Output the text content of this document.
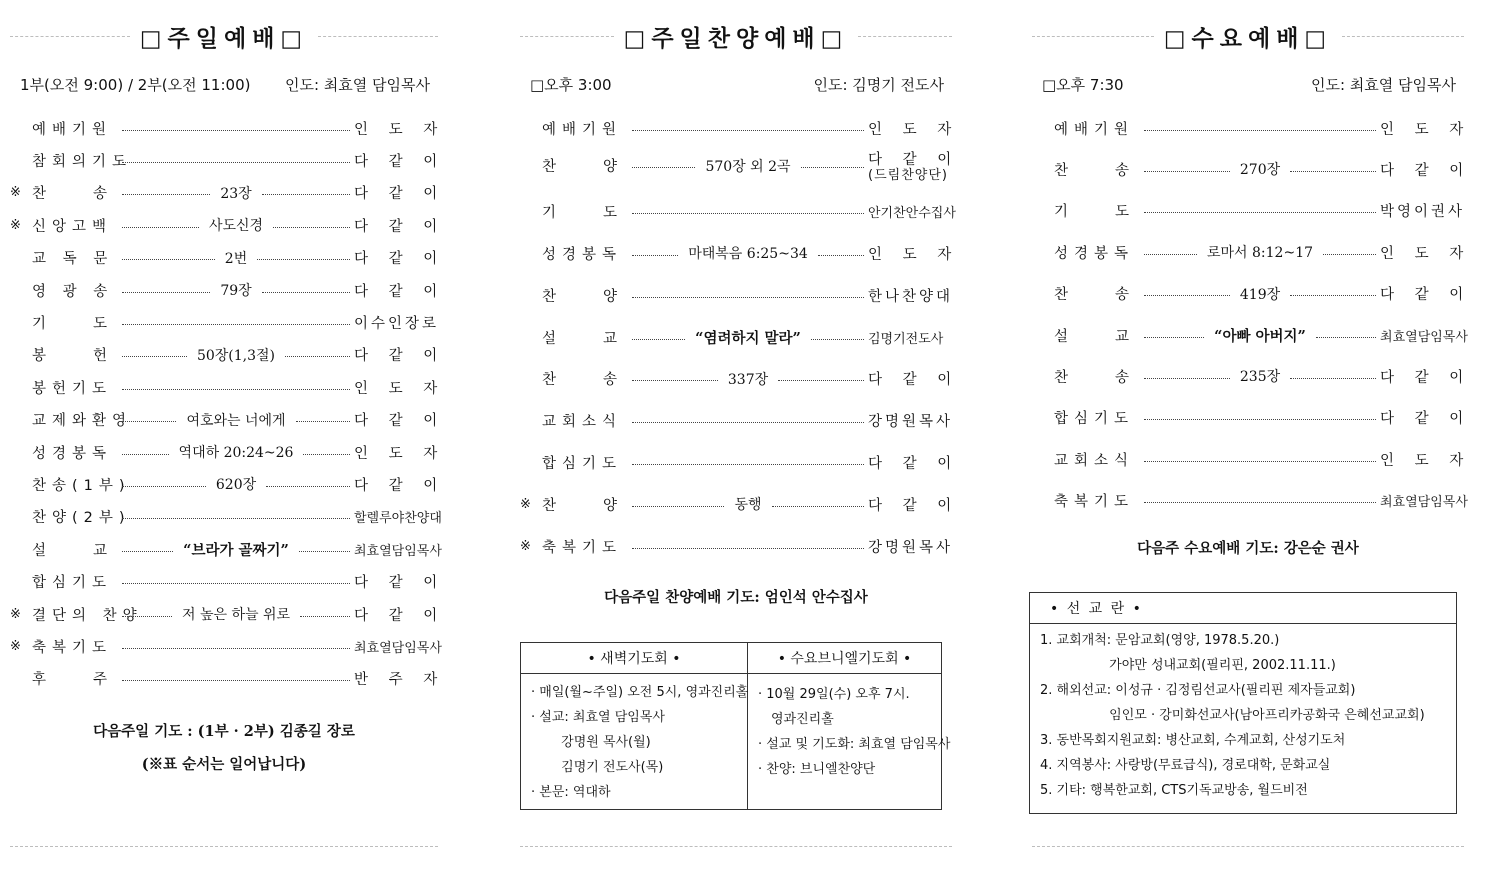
□주일예배□
1부(오전 9:00) / 2부(오전 11:00) 인도: 최효열 담임목사
예배기원	인 도 자
참회의기도	다 같 이
※ 찬　　송	23장	다 같 이
※ 신앙고백	사도신경	다 같 이
교 독 문	2번	다 같 이
영 광 송	79장	다 같 이
기　　도	이수인장로
봉　　헌	50장(1,3절)	다 같 이
봉헌기도	인 도 자
교제와환영	여호와는 너에게	다 같 이
성경봉독	역대하 20:24~26	인 도 자
찬송(1부)	620장	다 같 이
찬양(2부)	할렐루야찬양대
설　　교	“브라가 골짜기”	최효열담임목사
합심기도	다 같 이
※ 결단의 찬양	저 높은 하늘 위로	다 같 이
※ 축복기도	최효열담임목사
후　　주	반 주 자
다음주일 기도 : (1부 · 2부) 김종길 장로
(※표 순서는 일어납니다)
□주일찬양예배□
□오후 3:00	인도: 김명기 전도사
예배기원	인 도 자
찬　　양	570장 외 2곡	다 같 이
(드림찬양단)
기　　도	안기찬안수집사
성경봉독	마태복음 6:25~34	인 도 자
찬　　양	한나찬양대
설　　교	“염려하지 말라”	김명기전도사
찬　　송	337장	다 같 이
교회소식	강명원목사
합심기도	다 같 이
※ 찬　　양	동행	다 같 이
※ 축복기도	강명원목사
다음주일 찬양예배 기도: 엄인석 안수집사
• 새벽기도회 •
· 매일(월~주일) 오전 5시, 영과진리홀
· 설교: 최효열 담임목사
　　 강명원 목사(월)
　　 김명기 전도사(목)
· 본문: 역대하
• 수요브니엘기도회 •
· 10월 29일(수) 오후 7시.
　영과진리홀
· 설교 및 기도화: 최효열 담임목사
· 찬양: 브니엘찬양단
□수요예배□
□오후 7:30	인도: 최효열 담임목사
예배기원	인 도 자
찬　　송	270장	다 같 이
기　　도	박영이권사
성경봉독	로마서 8:12~17	인 도 자
찬　　송	419장	다 같 이
설　　교	“아빠 아버지”	최효열담임목사
찬　　송	235장	다 같 이
합심기도	다 같 이
교회소식	인 도 자
축복기도	최효열담임목사
다음주 수요예배 기도: 강은순 권사
• 선 교 란 •
1. 교회개척: 문암교회(영양, 1978.5.20.)
　　　　　 가야만 성내교회(필리핀, 2002.11.11.)
2. 해외선교: 이성규 · 김정림선교사(필리핀 제자들교회)
　　　　　 임인모 · 강미화선교사(남아프리카공화국 은혜선교교회)
3. 동반목회지원교회: 병산교회, 수계교회, 산성기도처
4. 지역봉사: 사랑방(무료급식), 경로대학, 문화교실
5. 기타: 행복한교회, CTS기독교방송, 월드비전
